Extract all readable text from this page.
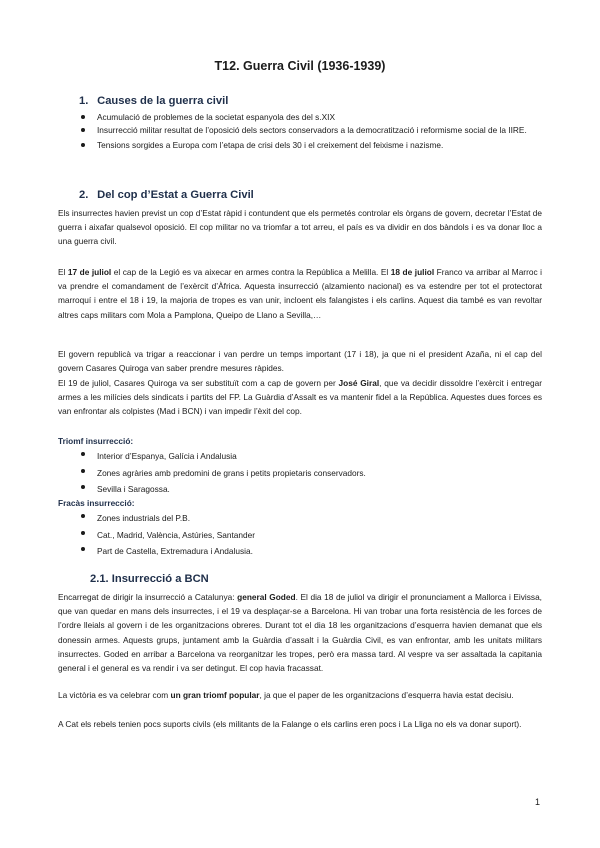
T12. Guerra Civil (1936-1939)
1. Causes de la guerra civil
Acumulació de problemes de la societat espanyola des del s.XIX
Insurrecció militar resultat de l’oposició dels sectors conservadors a la democratització i reformisme social de la IIRE.
Tensions sorgides a Europa com l’etapa de crisi dels 30 i el creixement del feixisme i nazisme.
2. Del cop d’Estat a Guerra Civil

Els insurrectes havien previst un cop d’Estat ràpid i contundent que els permetés controlar els òrgans de govern, decretar l’Estat de guerra i aixafar qualsevol oposició. El cop militar no va triomfar a tot arreu, el país es va dividir en dos bàndols i es va donar lloc a una guerra civil.

El 17 de juliol el cap de la Legió es va aixecar en armes contra la República a Melilla. El 18 de juliol Franco va arribar al Marroc i va prendre el comandament de l’exèrcit d’Àfrica. Aquesta insurrecció (alzamiento nacional) es va estendre per tot el protectorat marroquí i entre el 18 i 19, la majoria de tropes es van unir, incloent els falangistes i els carlins. Aquest dia també es van revoltar altres caps militars com Mola a Pamplona, Queipo de Llano a Sevilla,…

El govern republicà va trigar a reaccionar i van perdre un temps important (17 i 18), ja que ni el president Azaña, ni el cap del govern Casares Quiroga van saber prendre mesures ràpides.

El 19 de juliol, Casares Quiroga va ser substituït com a cap de govern per José Giral, que va decidir dissoldre l’exèrcit i entregar armes a les milícies dels sindicats i partits del FP. La Guàrdia d’Assalt es va mantenir fidel a la República. Aquestes dues forces es van enfrontar als colpistes (Mad i BCN) i van impedir l’èxit del cop.

Triomf insurrecció:

Interior d’Espanya, Galícia i Andalusia
Zones agràries amb predomini de grans i petits propietaris conservadors.
Sevilla i Saragossa.

Fracàs insurrecció:

Zones industrials del P.B.
Cat., Madrid, València, Astúries, Santander
Part de Castella, Extremadura i Andalusia.
2.1. Insurrecció a BCN

Encarregat de dirigir la insurrecció a Catalunya: general Goded. El dia 18 de juliol va dirigir el pronunciament a Mallorca i Eivissa, que van quedar en mans dels insurrectes, i el 19 va desplaçar-se a Barcelona. Hi van trobar una forta resistència de les forces de l’ordre lleials al govern i de les organitzacions obreres. Durant tot el dia 18 les organitzacions d’esquerra havien demanat que els donessin armes. Aquests grups, juntament amb la Guàrdia d’assalt i la Guàrdia Civil, es van enfrontar, amb les unitats militars insurrectes. Goded en arribar a Barcelona va reorganitzar les tropes, però era massa tard. Al vespre va ser assaltada la capitania general i el general es va rendir i va ser detingut. El cop havia fracassat.

La victòria es va celebrar com un gran triomf popular, ja que el paper de les organitzacions d’esquerra havia estat decisiu.

A Cat els rebels tenien pocs suports civils (els militants de la Falange o els carlins eren pocs i La Lliga no els va donar suport).

1
